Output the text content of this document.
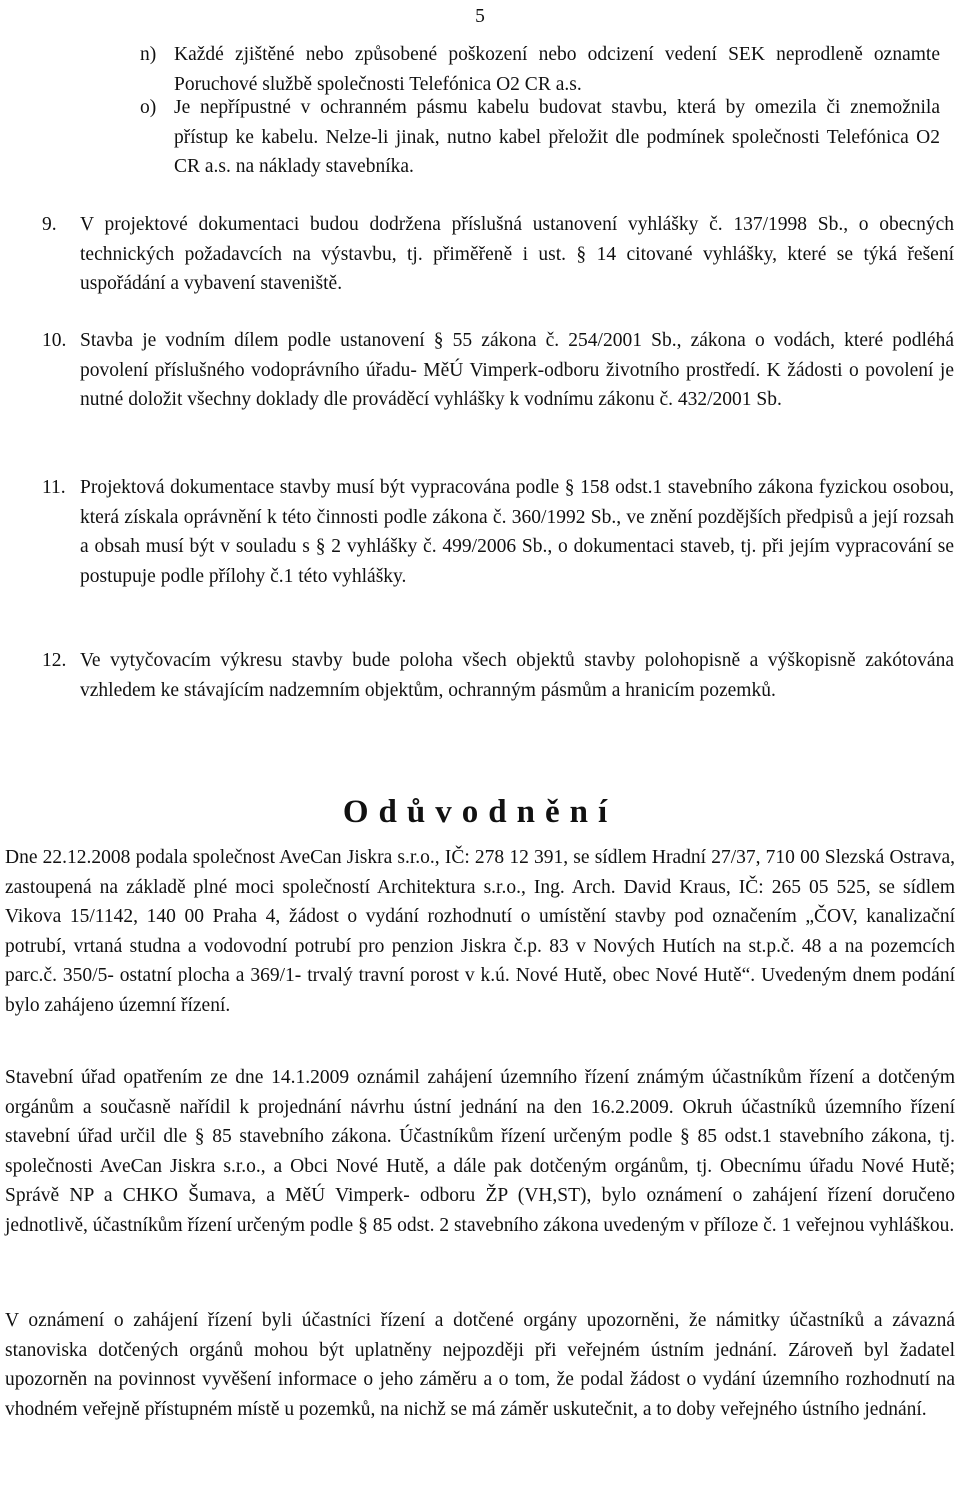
5
n) Každé zjištěné nebo způsobené poškození nebo odcizení vedení SEK neprodleně oznamte Poruchové službě společnosti Telefónica O2 CR a.s.
o) Je nepřípustné v ochranném pásmu kabelu budovat stavbu, která by omezila či znemožnila přístup ke kabelu. Nelze-li jinak, nutno kabel přeložit dle podmínek společnosti Telefónica O2 CR a.s. na náklady stavebníka.
9.	V projektové dokumentaci budou dodržena příslušná ustanovení vyhlášky č. 137/1998 Sb., o obecných technických požadavcích na výstavbu, tj. přiměřeně i ust. § 14 citované vyhlášky, které se týká řešení uspořádání a vybavení staveniště.
10. Stavba je vodním dílem podle ustanovení § 55 zákona č. 254/2001 Sb., zákona o vodách, které podléhá povolení příslušného vodoprávního úřadu- MěÚ Vimperk-odboru životního prostředí. K žádosti o povolení je nutné doložit všechny doklady dle prováděcí vyhlášky k vodnímu zákonu č. 432/2001 Sb.
11. Projektová dokumentace stavby musí být vypracována podle § 158 odst.1 stavebního zákona fyzickou osobou, která získala oprávnění k této činnosti podle zákona č. 360/1992 Sb., ve znění pozdějších předpisů a její rozsah a obsah musí být v souladu s § 2 vyhlášky č. 499/2006 Sb., o dokumentaci staveb, tj. při jejím vypracování se postupuje podle přílohy č.1 této vyhlášky.
12. Ve vytyčovacím výkresu stavby bude poloha všech objektů stavby polohopisně a výškopisně zakótována vzhledem ke stávajícím nadzemním objektům, ochranným pásmům a hranicím pozemků.
Odůvodnění
Dne 22.12.2008 podala společnost AveCan Jiskra s.r.o., IČ: 278 12 391, se sídlem Hradní 27/37, 710 00 Slezská Ostrava, zastoupená na základě plné moci společností Architektura s.r.o., Ing. Arch. David Kraus, IČ: 265 05 525, se sídlem Vikova 15/1142, 140 00 Praha 4, žádost o vydání rozhodnutí o umístění stavby pod označením „ČOV, kanalizační potrubí, vrtaná studna a vodovodní potrubí pro penzion Jiskra č.p. 83 v Nových Hutích na st.p.č. 48 a na pozemcích parc.č. 350/5- ostatní plocha a 369/1- trvalý travní porost v k.ú. Nové Hutě, obec Nové Hutě“. Uvedeným dnem podání bylo zahájeno územní řízení.
Stavební úřad opatřením ze dne 14.1.2009 oznámil zahájení územního řízení známým účastníkům řízení a dotčeným orgánům a současně nařídil k projednání návrhu ústní jednání na den 16.2.2009. Okruh účastníků územního řízení stavební úřad určil dle § 85 stavebního zákona. Účastníkům řízení určeným podle § 85 odst.1 stavebního zákona, tj. společnosti AveCan Jiskra s.r.o., a Obci Nové Hutě, a dále pak dotčeným orgánům, tj. Obecnímu úřadu Nové Hutě; Správě NP a CHKO Šumava, a MěÚ Vimperk- odboru ŽP (VH,ST), bylo oznámení o zahájení řízení doručeno jednotlivě, účastníkům řízení určeným podle § 85 odst. 2 stavebního zákona uvedeným v příloze č. 1 veřejnou vyhláškou.
V oznámení o zahájení řízení byli účastníci řízení a dotčené orgány upozorněni, že námitky účastníků a závazná stanoviska dotčených orgánů mohou být uplatněny nejpozději při veřejném ústním jednání. Zároveň byl žadatel upozorněn na povinnost vyvěšení informace o jeho záměru a o tom, že podal žádost o vydání územního rozhodnutí na vhodném veřejně přístupném místě u pozemků, na nichž se má záměr uskutečnit, a to doby veřejného ústního jednání.
